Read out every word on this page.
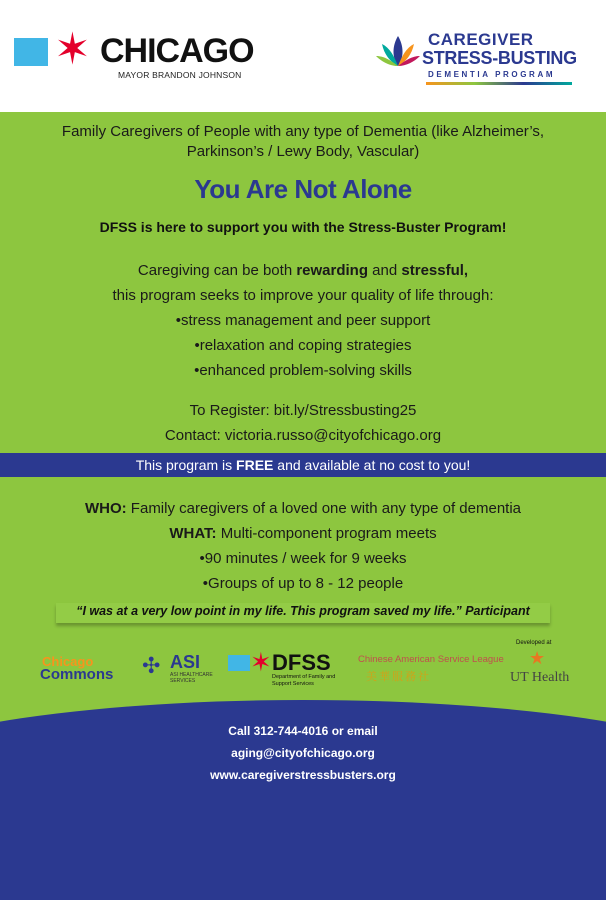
✶ CHICAGO
MAYOR BRANDON JOHNSON
CAREGIVER
STRESS-BUSTING
DEMENTIA PROGRAM
Family Caregivers of People with any type of Dementia (like Alzheimer’s,
Parkinson’s / Lewy Body, Vascular)
You Are Not Alone
DFSS is here to support you with the Stress-Buster Program!
Caregiving can be both rewarding and stressful,
this program seeks to improve your quality of life through:
•stress management and peer support
•relaxation and coping strategies
•enhanced problem-solving skills
To Register: bit.ly/Stressbusting25
Contact: victoria.russo@cityofchicago.org
This program is FREE and available at no cost to you!
WHO: Family caregivers of a loved one with any type of dementia
WHAT: Multi-component program meets
•90 minutes / week for 9 weeks
•Groups of up to 8 - 12 people
“I was at a very low point in my life. This program saved my life.” Participant
Chicago
Commons ✣ ASI
ASI HEALTHCARE SERVICES
✶ DFSS
Department of Family and Support Services
Chinese American Service League
美華服務社
Developed at
★
UT Health
Call 312-744-4016 or email
aging@cityofchicago.org
www.caregiverstressbusters.org
